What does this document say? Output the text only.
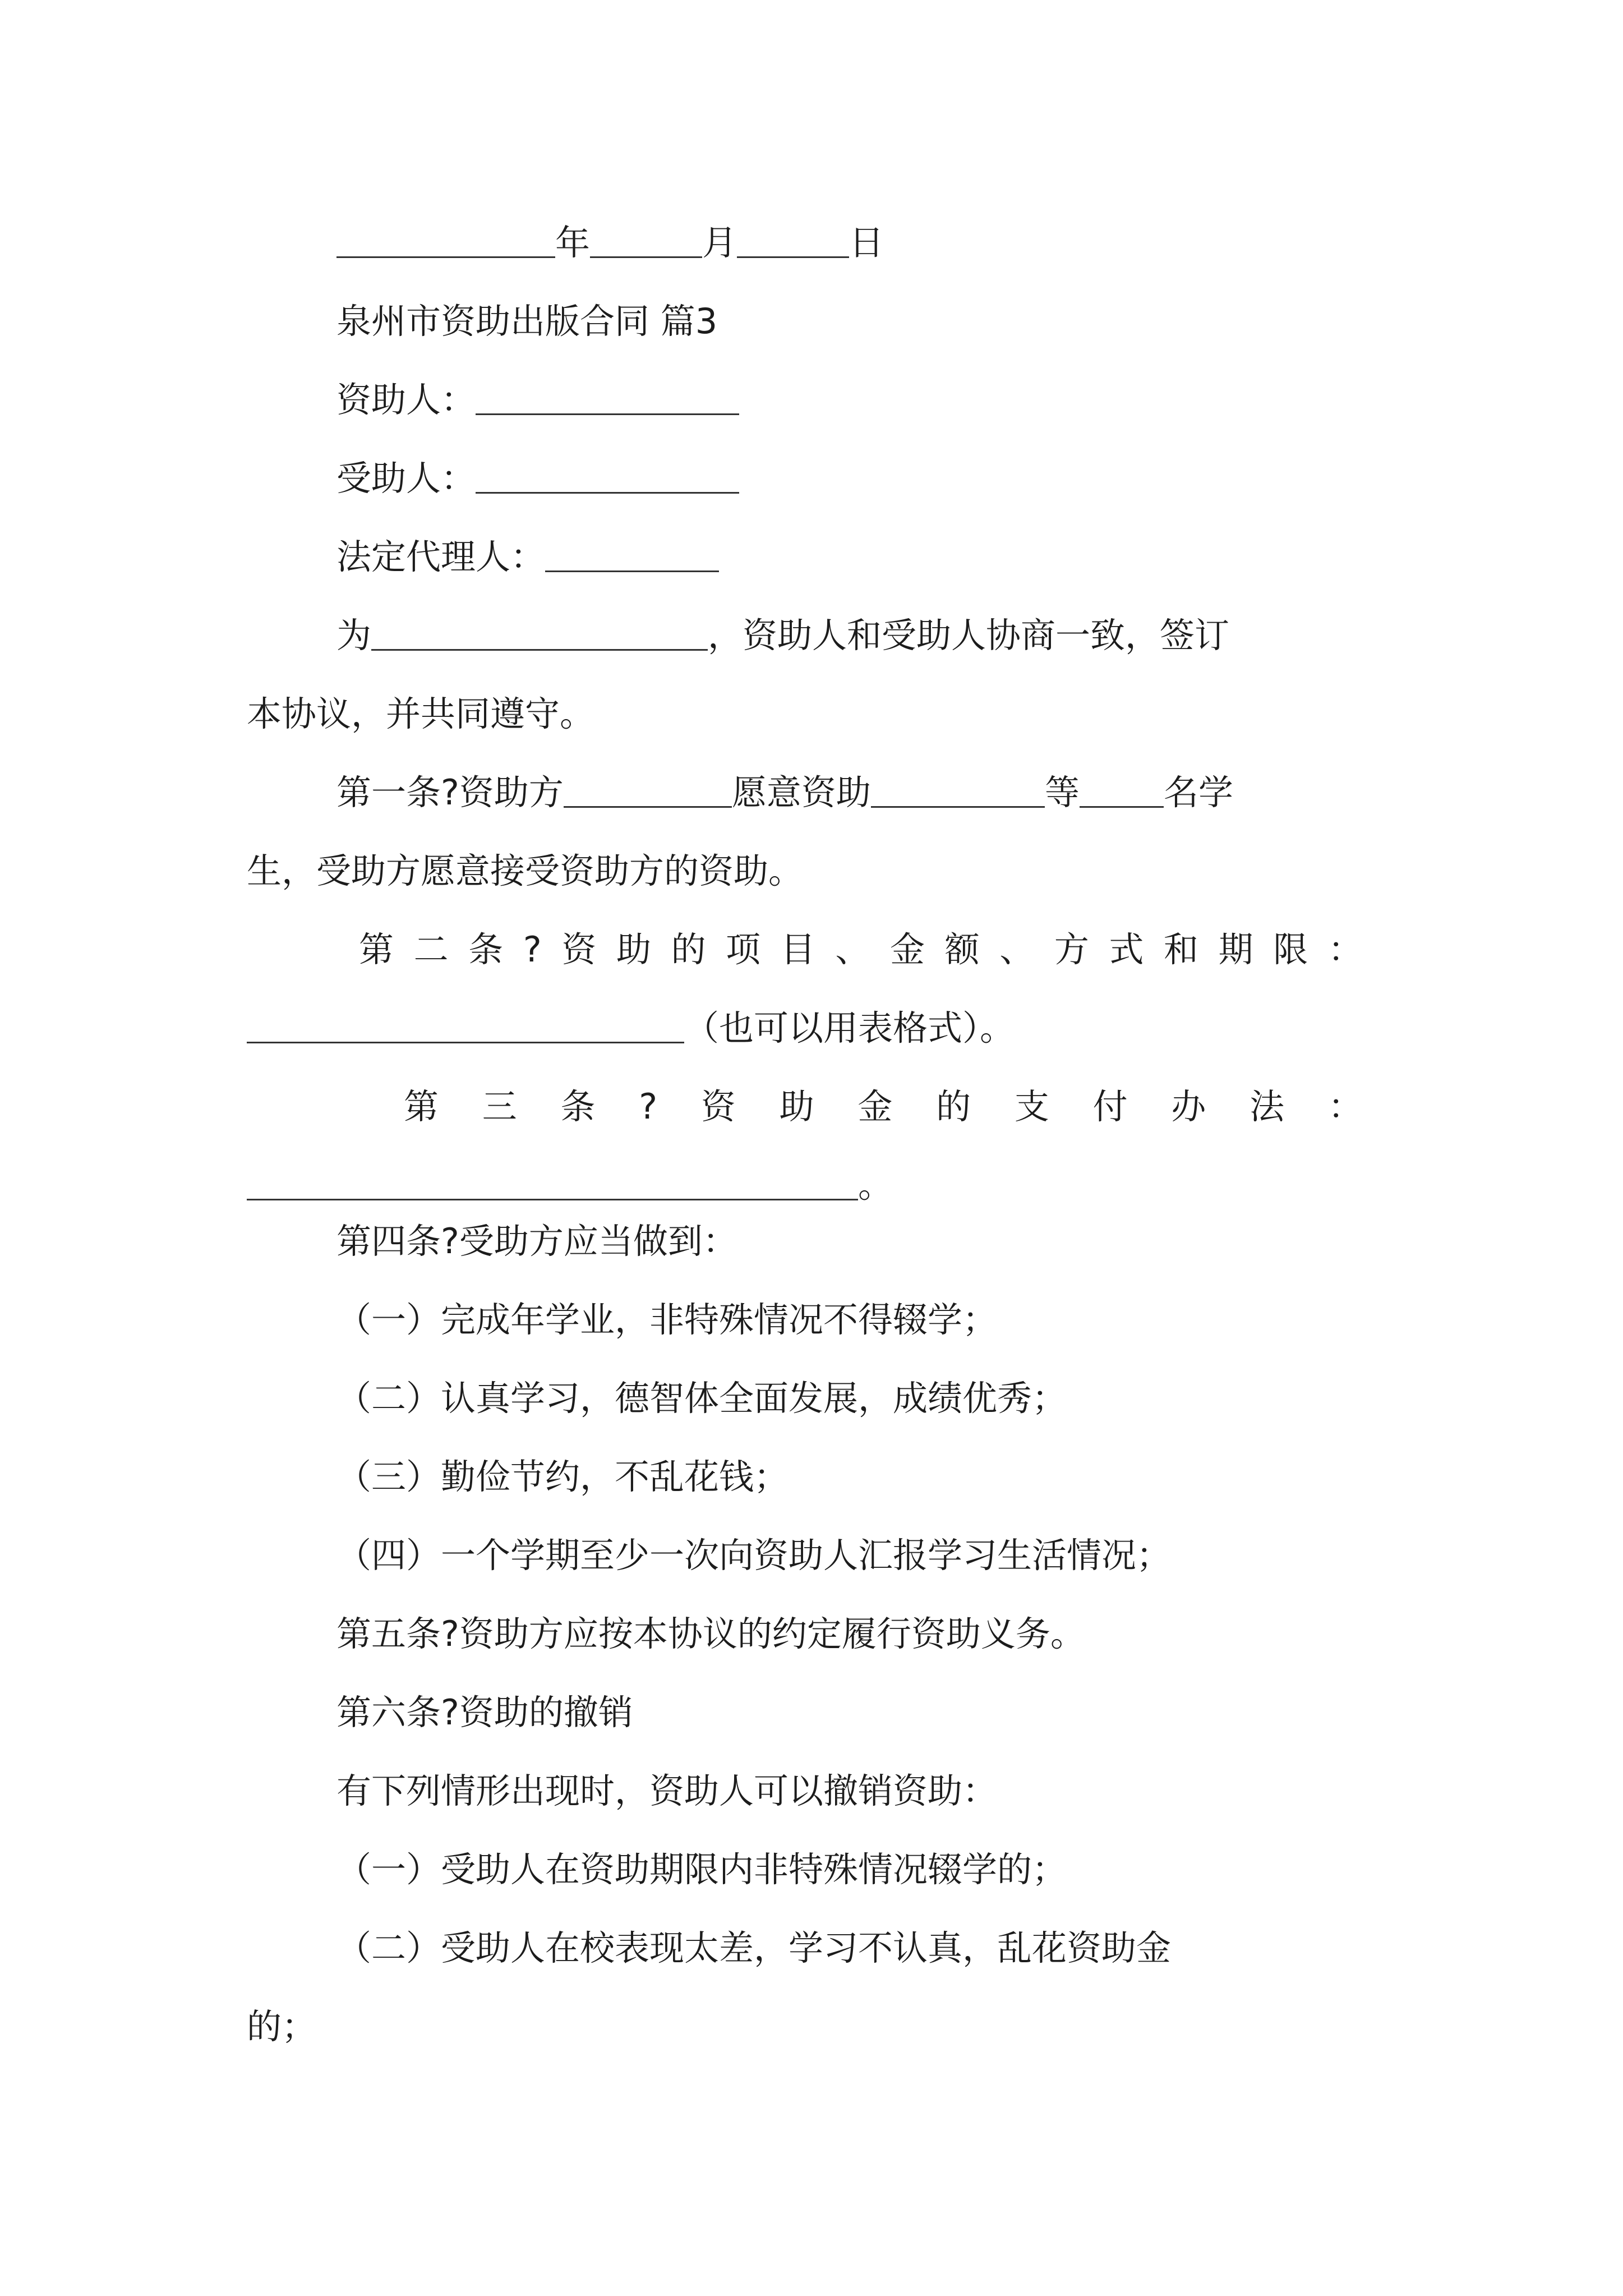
年	月	日
泉州市资助出版合同 篇3
资助人：
受助人：
法定代理人：
为	，资助人和受助人协商一致，签订
本协议，并共同遵守。
第一条?资助方	愿意资助	等 名学
生，受助方愿意接受资助方的资助。
第 二 条 ? 资 助 的 项 目 、 金 额 、 方 式 和 期 限 ：
（也可以用表格式）。
第 三 条 ? 资 助 金 的 支 付 办 法 ：
。
第四条?受助方应当做到：
（一）完成年学业，非特殊情况不得辍学；
（二）认真学习，德智体全面发展，成绩优秀；
（三）勤俭节约，不乱花钱；
（四）一个学期至少一次向资助人汇报学习生活情况；
第五条?资助方应按本协议的约定履行资助义务。
第六条?资助的撤销
有下列情形出现时，资助人可以撤销资助：
（一）受助人在资助期限内非特殊情况辍学的；
（二）受助人在校表现太差，学习不认真，乱花资助金
的；
